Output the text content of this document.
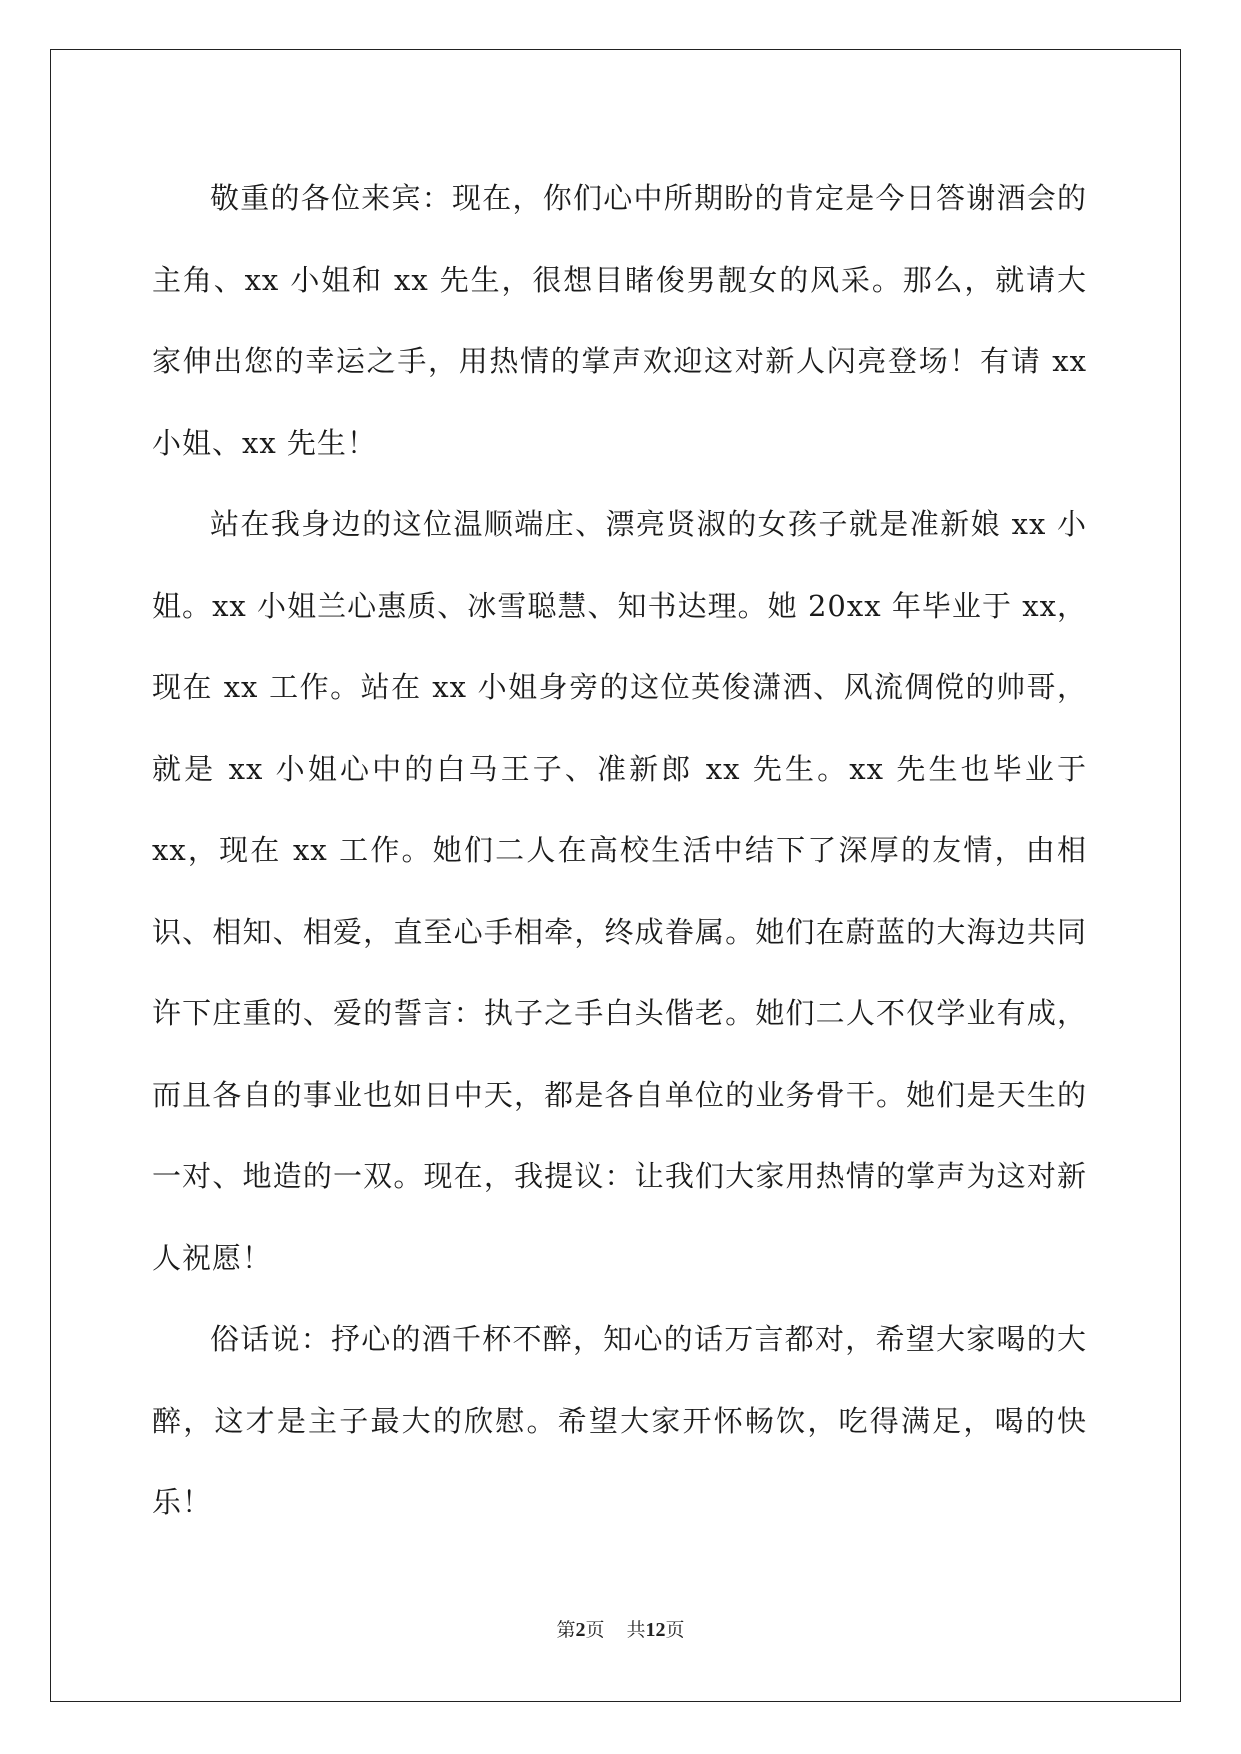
敬重的各位来宾：现在，你们心中所期盼的肯定是今日答谢酒会的主角、xx 小姐和 xx 先生，很想目睹俊男靓女的风采。那么，就请大家伸出您的幸运之手，用热情的掌声欢迎这对新人闪亮登场！有请 xx 小姐、xx 先生！

站在我身边的这位温顺端庄、漂亮贤淑的女孩子就是准新娘 xx 小姐。xx 小姐兰心惠质、冰雪聪慧、知书达理。她 20xx 年毕业于 xx，现在 xx 工作。站在 xx 小姐身旁的这位英俊潇洒、风流倜傥的帅哥，就是 xx 小姐心中的白马王子、准新郎 xx 先生。xx 先生也毕业于 xx，现在 xx 工作。她们二人在高校生活中结下了深厚的友情，由相识、相知、相爱，直至心手相牵，终成眷属。她们在蔚蓝的大海边共同许下庄重的、爱的誓言：执子之手白头偕老。她们二人不仅学业有成，而且各自的事业也如日中天，都是各自单位的业务骨干。她们是天生的一对、地造的一双。现在，我提议：让我们大家用热情的掌声为这对新人祝愿！

俗话说：抒心的酒千杯不醉，知心的话万言都对，希望大家喝的大醉，这才是主子最大的欣慰。希望大家开怀畅饮，吃得满足，喝的快乐！

第2页 共12页
